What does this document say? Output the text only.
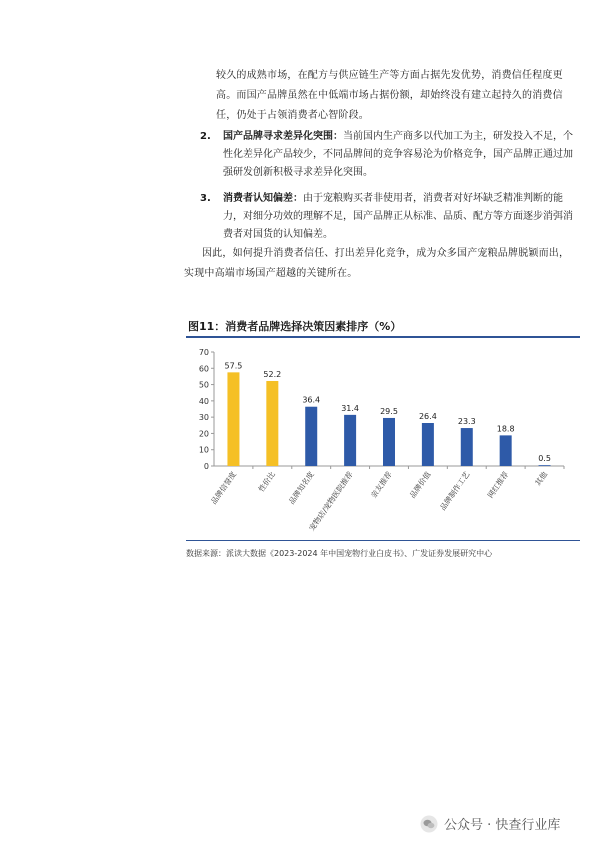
较久的成熟市场，在配方与供应链生产等方面占据先发优势，消费信任程度更高。而国产品牌虽然在中低端市场占据份额，却始终没有建立起持久的消费信任，仍处于占领消费者心智阶段。
2. 国产品牌寻求差异化突围：当前国内生产商多以代加工为主，研发投入不足，个性化差异化产品较少，不同品牌间的竞争容易沦为价格竞争，国产品牌正通过加强研发创新积极寻求差异化突围。
3. 消费者认知偏差：由于宠粮购买者非使用者，消费者对好坏缺乏精准判断的能力，对细分功效的理解不足，国产品牌正从标准、品质、配方等方面逐步消弭消费者对国货的认知偏差。
因此，如何提升消费者信任、打出差异化竞争，成为众多国产宠粮品牌脱颖而出，实现中高端市场国产超越的关键所在。
图11：消费者品牌选择决策因素排序（%）
0
10
20
30
40
50
60
70
57.5
品牌信誉度
52.2
性价比
36.4
品牌知名度
31.4
宠物店/宠物医院推荐
29.5
亲友推荐
26.4
品牌价值
23.3
品牌制作工艺
18.8
网红推荐
0.5
其他
数据来源：派读大数据《2023-2024 年中国宠物行业白皮书》、广发证券发展研究中心
公众号 · 快查行业库
